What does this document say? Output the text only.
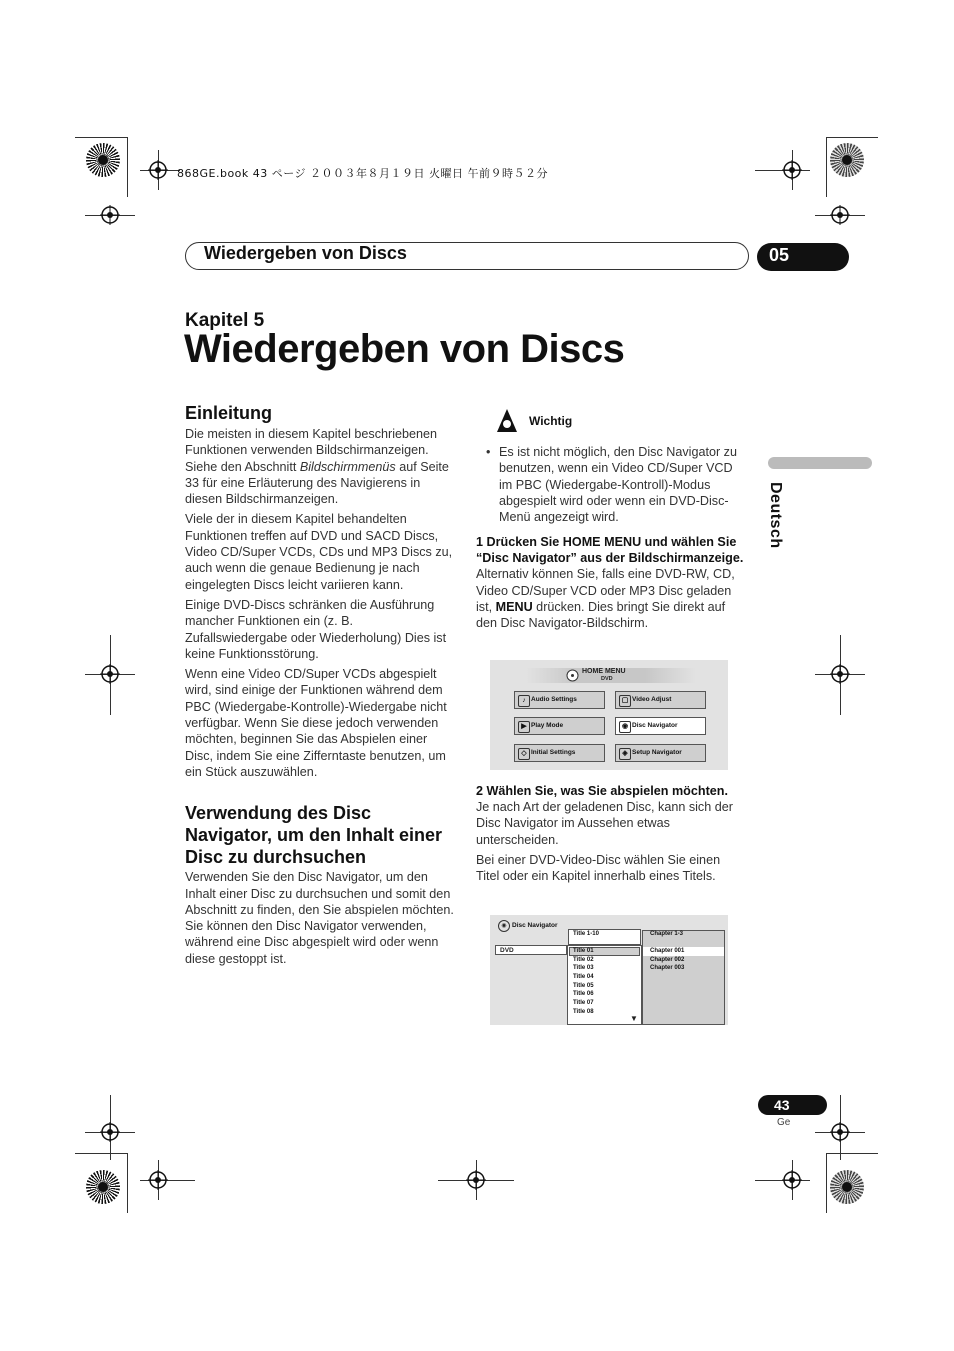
868GE.book 43 ページ ２００３年８月１９日 火曜日 午前９時５２分
Wiedergeben von Discs	05
Kapitel 5
Wiedergeben von Discs
Einleitung

Die meisten in diesem Kapitel beschriebenen Funktionen verwenden Bildschirmanzeigen. Siehe den Abschnitt Bildschirmmenüs auf Seite 33 für eine Erläuterung des Navigierens in diesen Bildschirmanzeigen.

Viele der in diesem Kapitel behandelten Funktionen treffen auf DVD und SACD Discs, Video CD/Super VCDs, CDs und MP3 Discs zu, auch wenn die genaue Bedienung je nach eingelegten Discs leicht variieren kann.

Einige DVD-Discs schränken die Ausführung mancher Funktionen ein (z. B. Zufallswiedergabe oder Wiederholung) Dies ist keine Funktionsstörung.

Wenn eine Video CD/Super VCDs abgespielt wird, sind einige der Funktionen während dem PBC (Wiedergabe-Kontrolle)-Wiedergabe nicht verfügbar. Wenn Sie diese jedoch verwenden möchten, beginnen Sie das Abspielen einer Disc, indem Sie eine Zifferntaste benutzen, um ein Stück auszuwählen.

Verwendung des Disc Navigator, um den Inhalt einer Disc zu durchsuchen

Verwenden Sie den Disc Navigator, um den Inhalt einer Disc zu durchsuchen und somit den Abschnitt zu finden, den Sie abspielen möchten. Sie können den Disc Navigator verwenden, während eine Disc abgespielt wird oder wenn diese gestoppt ist.

Wichtig
• Es ist nicht möglich, den Disc Navigator zu benutzen, wenn ein Video CD/Super VCD im PBC (Wiedergabe-Kontroll)-Modus abgespielt wird oder wenn ein DVD-Disc-Menü angezeigt wird.
1 Drücken Sie HOME MENU und wählen Sie “Disc Navigator” aus der Bildschirmanzeige.

Alternativ können Sie, falls eine DVD-RW, CD, Video CD/Super VCD oder MP3 Disc geladen ist, MENU drücken. Dies bringt Sie direkt auf den Disc Navigator-Bildschirm.

2 Wählen Sie, was Sie abspielen möchten.

Je nach Art der geladenen Disc, kann sich der Disc Navigator im Aussehen etwas unterscheiden.

Bei einer DVD-Video-Disc wählen Sie einen Titel oder ein Kapitel innerhalb eines Titels.

HOME MENU
DVD
♪ Audio Settings	▢ Video Adjust
▶ Play Mode	◉ Disc Navigator
◇ Initial Settings	◈ Setup Navigator
◉ Disc Navigator
DVD
Title 1-10
Title 01
Title 02
Title 03
Title 04
Title 05
Title 06
Title 07
Title 08
▼
Chapter 1-3
Chapter 001
Chapter 002
Chapter 003
Deutsch
43
Ge
